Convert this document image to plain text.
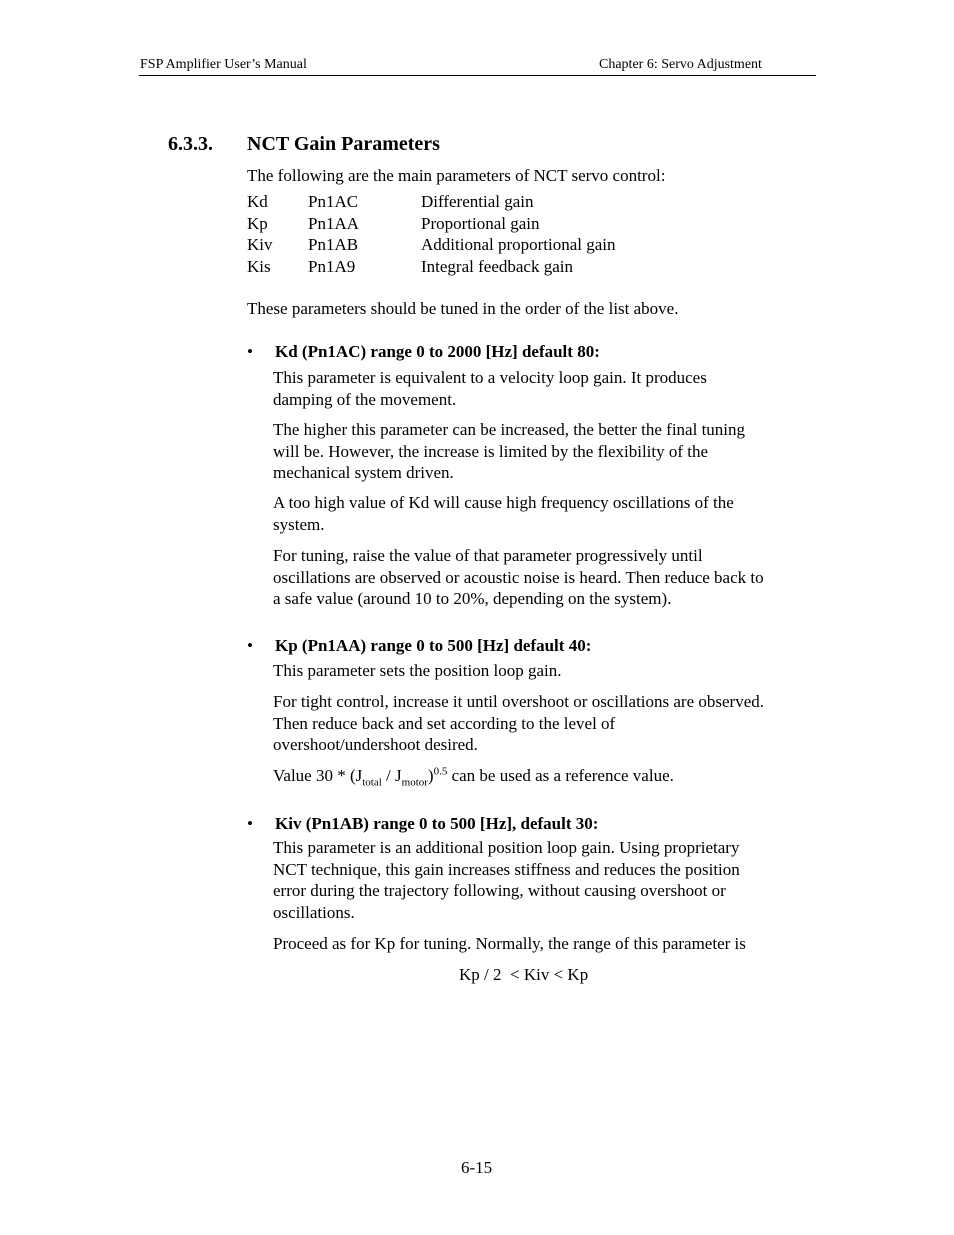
FSP Amplifier User’s Manual	Chapter 6: Servo Adjustment
6.3.3. NCT Gain Parameters
The following are the main parameters of NCT servo control:
Kd Pn1AC	Differential gain
Kp Pn1AA	Proportional gain
Kiv Pn1AB	Additional proportional gain
Kis Pn1A9	Integral feedback gain
These parameters should be tuned in the order of the list above.
• Kd (Pn1AC) range 0 to 2000 [Hz] default 80:
This parameter is equivalent to a velocity loop gain. It produces
damping of the movement.
The higher this parameter can be increased, the better the final tuning
will be. However, the increase is limited by the flexibility of the
mechanical system driven.
A too high value of Kd will cause high frequency oscillations of the
system.
For tuning, raise the value of that parameter progressively until
oscillations are observed or acoustic noise is heard. Then reduce back to
a safe value (around 10 to 20%, depending on the system).
• Kp (Pn1AA) range 0 to 500 [Hz] default 40:
This parameter sets the position loop gain.
For tight control, increase it until overshoot or oscillations are observed.
Then reduce back and set according to the level of
overshoot/undershoot desired.
Value $30 * (J_{total} / J_{motor})^{0.5}$ can be used as a reference value.
• Kiv (Pn1AB) range 0 to 500 [Hz], default 30:
This parameter is an additional position loop gain. Using proprietary
NCT technique, this gain increases stiffness and reduces the position
error during the trajectory following, without causing overshoot or
oscillations.
Proceed as for Kp for tuning. Normally, the range of this parameter is
Kp / 2  < Kiv < Kp
6-15
